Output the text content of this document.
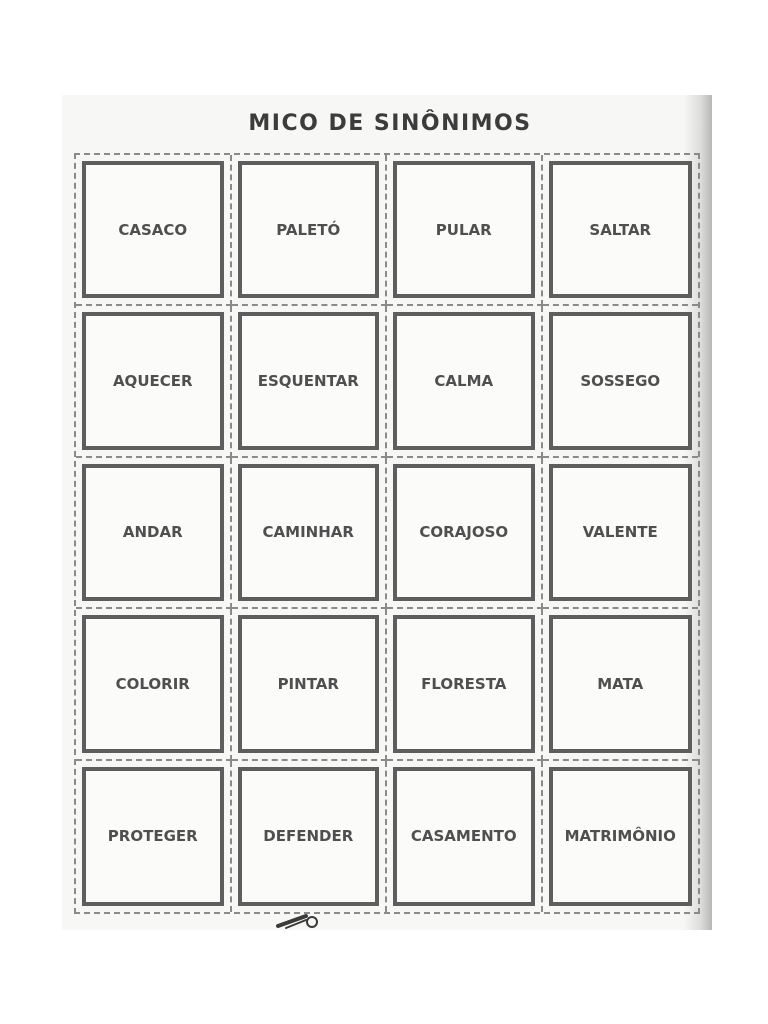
MICO DE SINÔNIMOS
CASACO	PALETÓ	PULAR	SALTAR
AQUECER	ESQUENTAR	CALMA	SOSSEGO
ANDAR	CAMINHAR	CORAJOSO	VALENTE
COLORIR	PINTAR	FLORESTA	MATA
PROTEGER	DEFENDER	CASAMENTO	MATRIMÔNIO
